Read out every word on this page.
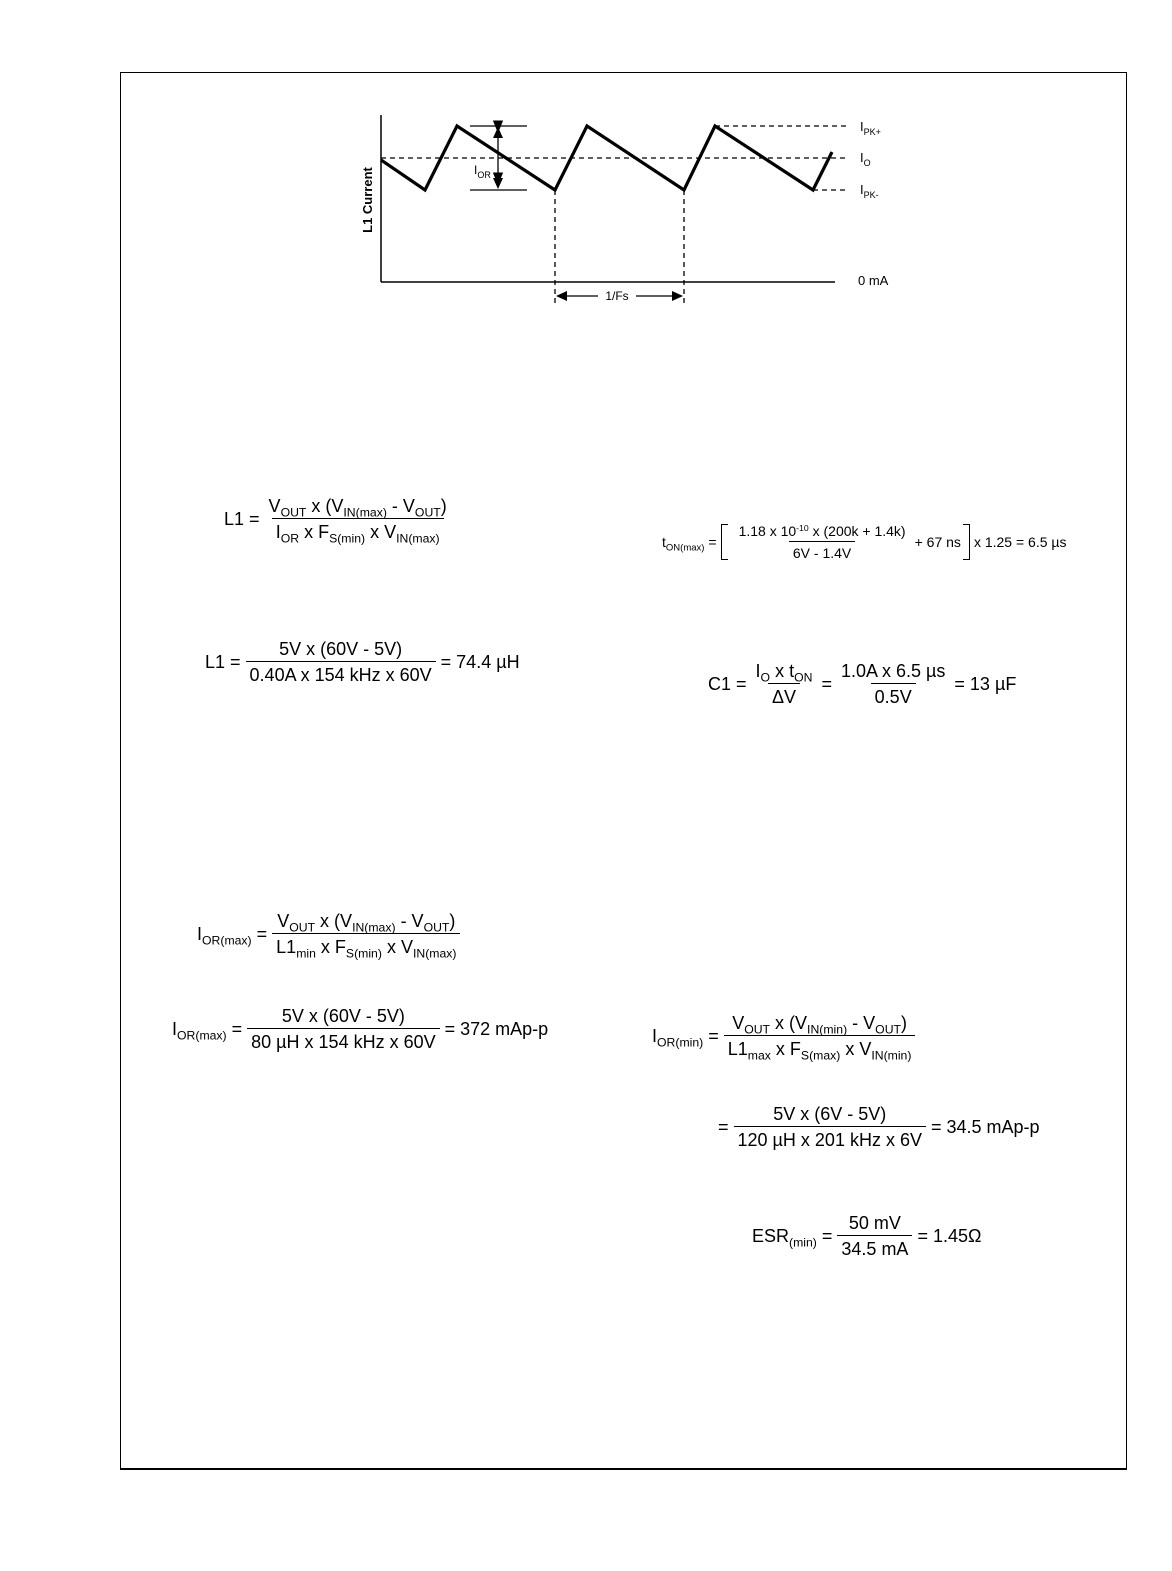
L1 Current
$I_{PK+}$
$I_O$
$I_{PK-}$
0 mA
$I_{OR}$
1/Fs
$L1 = \frac{V_{OUT} x (V_{IN(max)} - V_{OUT})}{I_{OR} x F_{S(min)} x V_{IN(max)}}$
$L1 = \frac{\text{5V x (60V - 5V)}}{\text{0.40A x 154 kHz x 60V}} = 74.4$ µH
$t_{ON(max)} = \frac{1.18 x 10^{-10} x (200k + 1.4k)}{6V - 1.4V} + 67$ ns x 1.25 = 6.5 µs
$C1 = \frac{I_O x t_{ON}}{\Delta V} = \frac{\text{1.0A x 6.5 µs}}{0.5V} = 13$ µF
$I_{OR(max)} = \frac{V_{OUT} x (V_{IN(max)} - V_{OUT})}{L1_{min} x F_{S(min)} x V_{IN(max)}}$
$I_{OR(max)} = \frac{\text{5V x (60V - 5V)}}{\text{80 µH x 154 kHz x 60V}} = 372$ mAp-p	$I_{OR(min)} = \frac{V_{OUT} x (V_{IN(min)} - V_{OUT})}{L1_{max} x F_{S(max)} x V_{IN(min)}}$
= $\frac{\text{5V x (6V - 5V)}}{\text{120 µH x 201 kHz x 6V}} = 34.5$ mAp-p
$ESR_{(min)} = \frac{50 mV}{34.5 mA} = 1.45\Omega$
